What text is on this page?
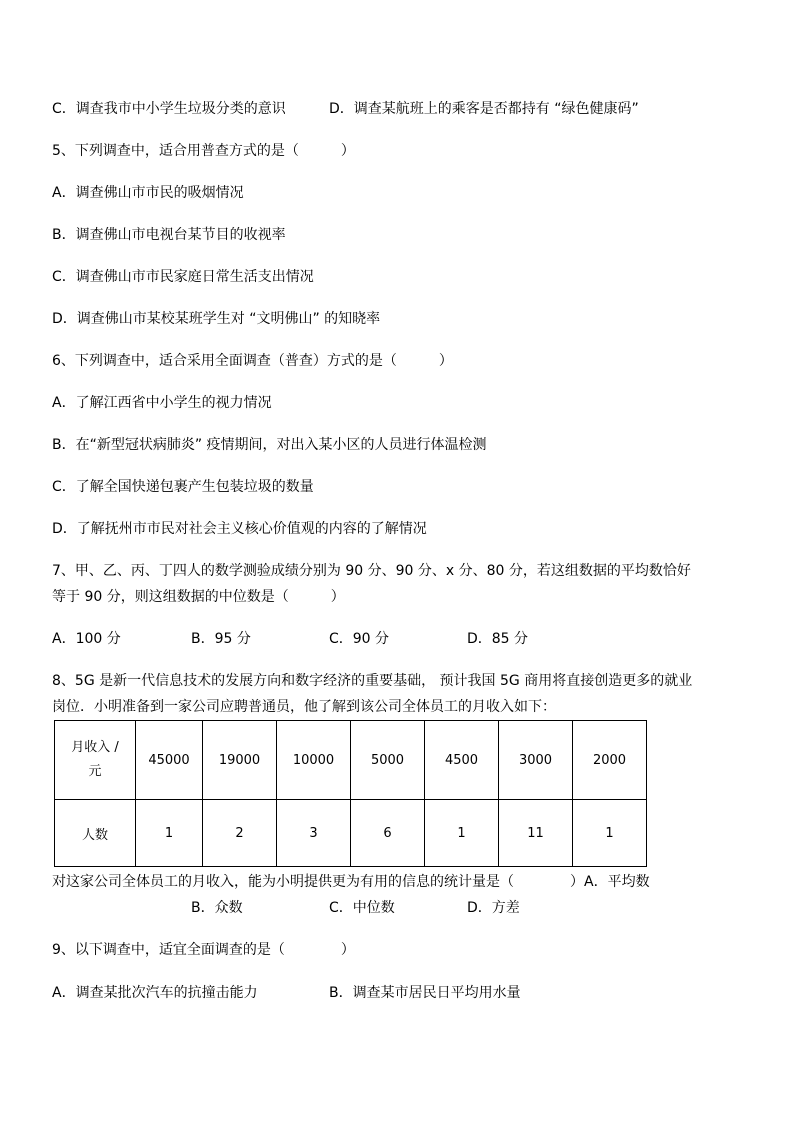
C．调查我市中小学生垃圾分类的意识	D．调查某航班上的乘客是否都持有 “绿色健康码”
5、下列调查中，适合用普查方式的是（　　　）
A．调查佛山市市民的吸烟情况
B．调查佛山市电视台某节目的收视率
C．调查佛山市市民家庭日常生活支出情况
D．调查佛山市某校某班学生对 “文明佛山” 的知晓率
6、下列调查中，适合采用全面调查（普查）方式的是（　　　）
A．了解江西省中小学生的视力情况
B．在“新型冠状病肺炎” 疫情期间，对出入某小区的人员进行体温检测
C．了解全国快递包裹产生包装垃圾的数量
D．了解抚州市市民对社会主义核心价值观的内容的了解情况
7、甲、乙、丙、丁四人的数学测验成绩分别为 90 分、90 分、x 分、80 分，若这组数据的平均数恰好
等于 90 分，则这组数据的中位数是（　　　）
A．100 分	B．95 分	C．90 分	D．85 分
8、5G 是新一代信息技术的发展方向和数字经济的重要基础， 预计我国 5G 商用将直接创造更多的就业
岗位．小明准备到一家公司应聘普通员，他了解到该公司全体员工的月收入如下：
月收入 /
元	45000	19000	10000	5000	4500	3000	2000
人数	1	2	3	6	1	11	1
对这家公司全体员工的月收入，能为小明提供更为有用的信息的统计量是（　　　　）A．平均数
B．众数	C．中位数	D．方差
9、以下调查中，适宜全面调查的是（　　　　）
A．调查某批次汽车的抗撞击能力	B．调查某市居民日平均用水量
